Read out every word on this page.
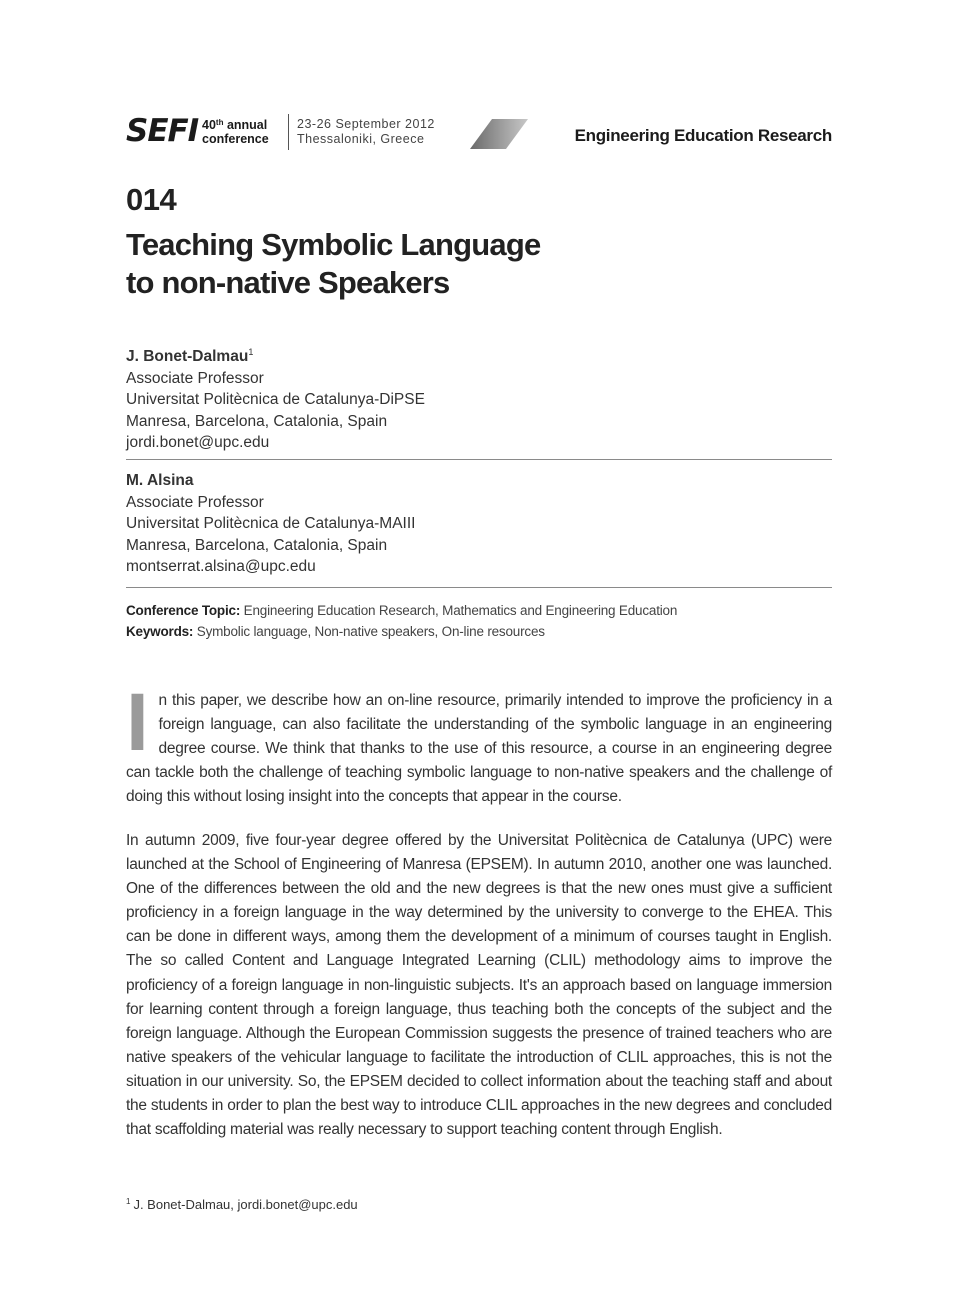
SEFI 40th annual
conference
23-26 September 2012
Thessaloniki, Greece	Engineering Education Research
014
Teaching Symbolic Language
to non-native Speakers
J. Bonet-Dalmau$^1$
Associate Professor
Universitat Politècnica de Catalunya-DiPSE
Manresa, Barcelona, Catalonia, Spain
jordi.bonet@upc.edu
M. Alsina
Associate Professor
Universitat Politècnica de Catalunya-MAIII
Manresa, Barcelona, Catalonia, Spain
montserrat.alsina@upc.edu
Conference Topic: Engineering Education Research, Mathematics and Engineering Education
Keywords: Symbolic language, Non-native speakers, On-line resources
In this paper, we describe how an on-line resource, primarily intended to improve the proficiency in a foreign language, can also facilitate the understanding of the symbolic language in an engineering degree course. We think that thanks to the use of this resource, a course in an engineering degree can tackle both the challenge of teaching symbolic language to non-native speakers and the challenge of doing this without losing insight into the concepts that appear in the course.
In autumn 2009, five four-year degree offered by the Universitat Politècnica de Catalunya (UPC) were launched at the School of Engineering of Manresa (EPSEM). In autumn 2010, another one was launched. One of the differences between the old and the new degrees is that the new ones must give a sufficient proficiency in a foreign language in the way determined by the university to converge to the EHEA. This can be done in different ways, among them the development of a minimum of courses taught in English. The so called Content and Language Integrated Learning (CLIL) methodology aims to improve the proficiency of a foreign language in non-linguistic subjects. It's an approach based on language immersion for learning content through a foreign language, thus teaching both the concepts of the subject and the foreign language. Although the European Commission suggests the presence of trained teachers who are native speakers of the vehicular language to facilitate the introduction of CLIL approaches, this is not the situation in our university. So, the EPSEM decided to collect information about the teaching staff and about the students in order to plan the best way to introduce CLIL approaches in the new degrees and concluded that scaffolding material was really necessary to support teaching content through English.
$^1$ J. Bonet-Dalmau, jordi.bonet@upc.edu
